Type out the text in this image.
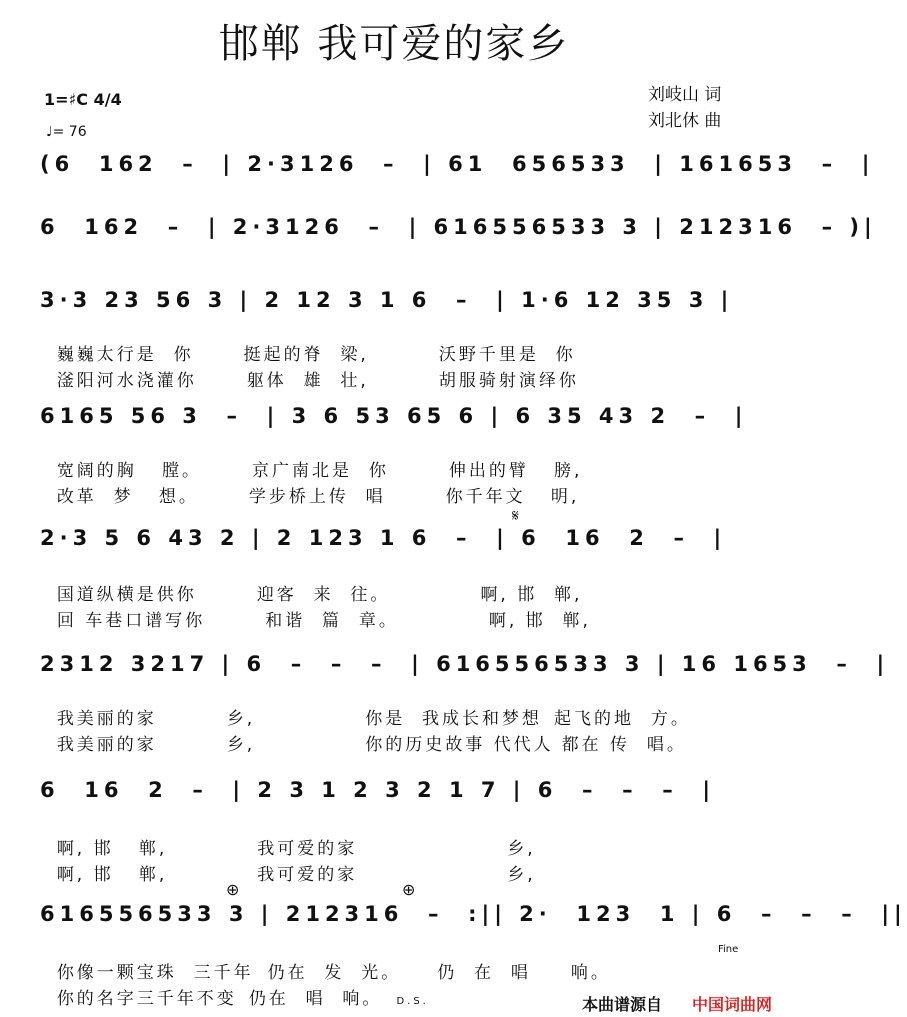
邯郸 我可爱的家乡
刘岐山 词
刘北休 曲
1=♯C 4/4
♩= 76
(6  162  –  | 2·3126  –  | 61  656533  | 161653  –  |
6  162  –  | 2·3126  –  | 616556533 3 | 212316  – )|
3·3 23 56 3 | 2 12 3 1 6  –  | 1·6 12 35 3 |

巍巍太行是  你	挺起的脊  梁,	沃野千里是  你

滏阳河水浇灌你	躯体  雄  壮,	胡服骑射演绎你

6165 56 3  –  | 3 6 53 65 6 | 6 35 43 2  –  |

宽阔的胸   膛。	京广南北是  你	伸出的臂   膀,

改革  梦   想。	学步桥上传  唱	你千年文   明,

𝄋
2·3 5 6 43 2 | 2 123 1 6  –  | 6  16  2  –  |

国道纵横是供你	迎客  来  往。	啊, 邯  郸,

回 车巷口谱写你	和谐  篇  章。	啊, 邯  郸,

2312 3217 | 6  –  –  –  | 616556533 3 | 16 1653  –  |

我美丽的家	乡,	你是  我成长和梦想 起飞的地  方。

我美丽的家	乡,	你的历史故事 代代人 都在 传  唱。

6  16  2  –  | 2 3 1 2 3 2 1 7 | 6  –  –  –  |

啊, 邯   郸,	我可爱的家	乡,

啊, 邯   郸,	我可爱的家	乡,

⊕	⊕
616556533 3 | 212316  –  :|| 2·  123  1 | 6  –  –  –  ||

你像一颗宝珠  三千年 仍在  发  光。 仍  在  唱 响。

你的名字三千年不变 仍在  唱  响。 D.S.

Fine
本曲谱源自 中国词曲网
